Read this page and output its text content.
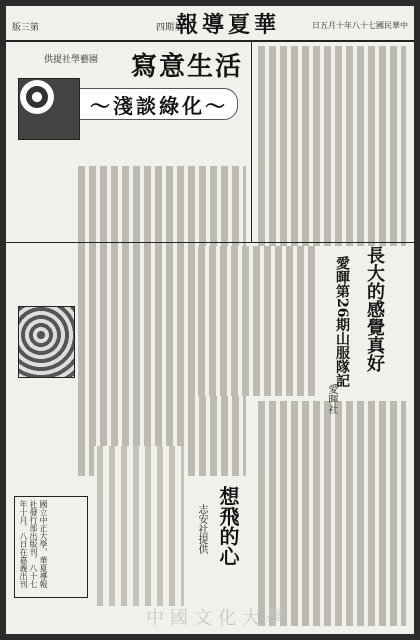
版三第	四期星
華夏導報	日五月十年八十七國民華中
供提社學藝園 寫意生活
～淺談綠化～
長大的感覺真好
愛暉第26期山服隊記
愛暉社
想飛的心
志安社提供
國立中正大學，華夏導報社發行部出版刊．八十七年十月．八日在嘉義出刊
中國文化大學
